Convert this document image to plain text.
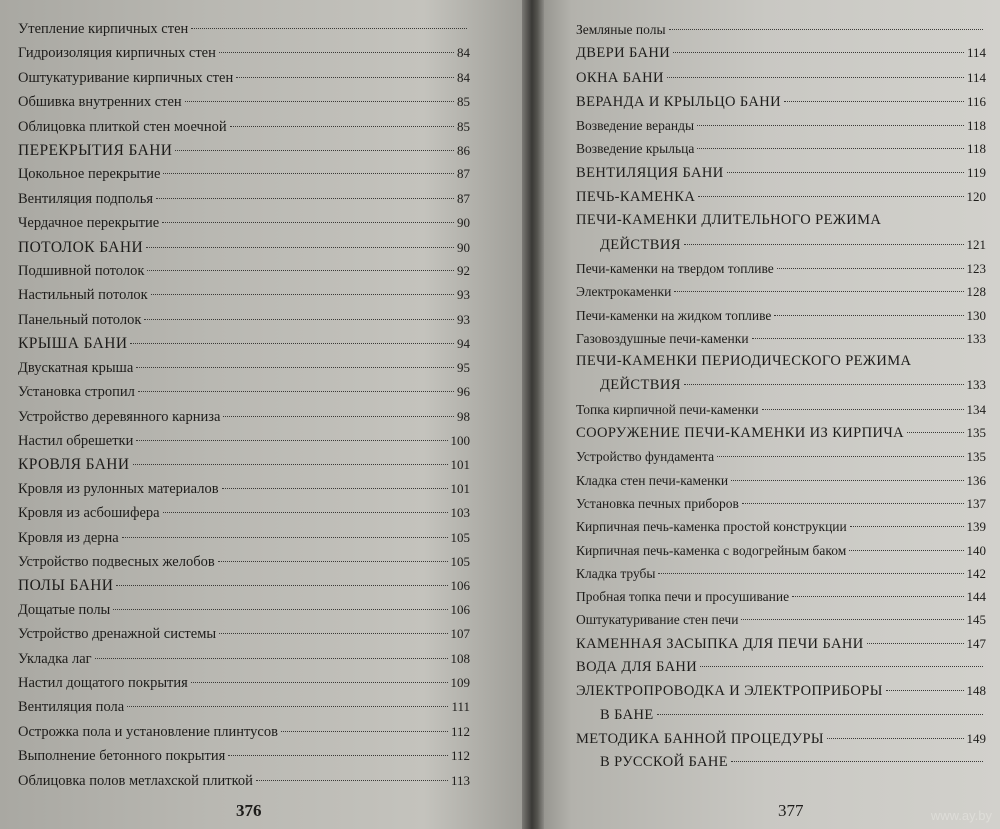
Утепление кирпичных стен
Гидроизоляция кирпичных стен	84
Оштукатуривание кирпичных стен	84
Обшивка внутренних стен	85
Облицовка плиткой стен моечной	85
ПЕРЕКРЫТИЯ БАНИ	86
Цокольное перекрытие	87
Вентиляция подполья	87
Чердачное перекрытие	90
ПОТОЛОК БАНИ	90
Подшивной потолок	92
Настильный потолок	93
Панельный потолок	93
КРЫША БАНИ	94
Двускатная крыша	95
Установка стропил	96
Устройство деревянного карниза	98
Настил обрешетки	100
КРОВЛЯ БАНИ	101
Кровля из рулонных материалов	101
Кровля из асбошифера	103
Кровля из дерна	105
Устройство подвесных желобов	105
ПОЛЫ БАНИ	106
Дощатые полы	106
Устройство дренажной системы	107
Укладка лаг	108
Настил дощатого покрытия	109
Вентиляция пола	111
Острожка пола и установление плинтусов	112
Выполнение бетонного покрытия	112
Облицовка полов метлахской плиткой	113
376
Земляные полы
ДВЕРИ БАНИ	114
ОКНА БАНИ	114
ВЕРАНДА И КРЫЛЬЦО БАНИ	116
Возведение веранды	118
Возведение крыльца	118
ВЕНТИЛЯЦИЯ БАНИ	119
ПЕЧЬ-КАМЕНКА	120
ПЕЧИ-КАМЕНКИ ДЛИТЕЛЬНОГО РЕЖИМА
ДЕЙСТВИЯ	121
Печи-каменки на твердом топливе	123
Электрокаменки	128
Печи-каменки на жидком топливе	130
Газовоздушные печи-каменки	133
ПЕЧИ-КАМЕНКИ ПЕРИОДИЧЕСКОГО РЕЖИМА
ДЕЙСТВИЯ	133
Топка кирпичной печи-каменки	134
СООРУЖЕНИЕ ПЕЧИ-КАМЕНКИ ИЗ КИРПИЧА	135
Устройство фундамента	135
Кладка стен печи-каменки	136
Установка печных приборов	137
Кирпичная печь-каменка простой конструкции	139
Кирпичная печь-каменка с водогрейным баком	140
Кладка трубы	142
Пробная топка печи и просушивание	144
Оштукатуривание стен печи	145
КАМЕННАЯ ЗАСЫПКА ДЛЯ ПЕЧИ БАНИ	147
ВОДА ДЛЯ БАНИ
ЭЛЕКТРОПРОВОДКА И ЭЛЕКТРОПРИБОРЫ	148
В БАНЕ
МЕТОДИКА БАННОЙ ПРОЦЕДУРЫ	149
В РУССКОЙ БАНЕ
377	www.ay.by
